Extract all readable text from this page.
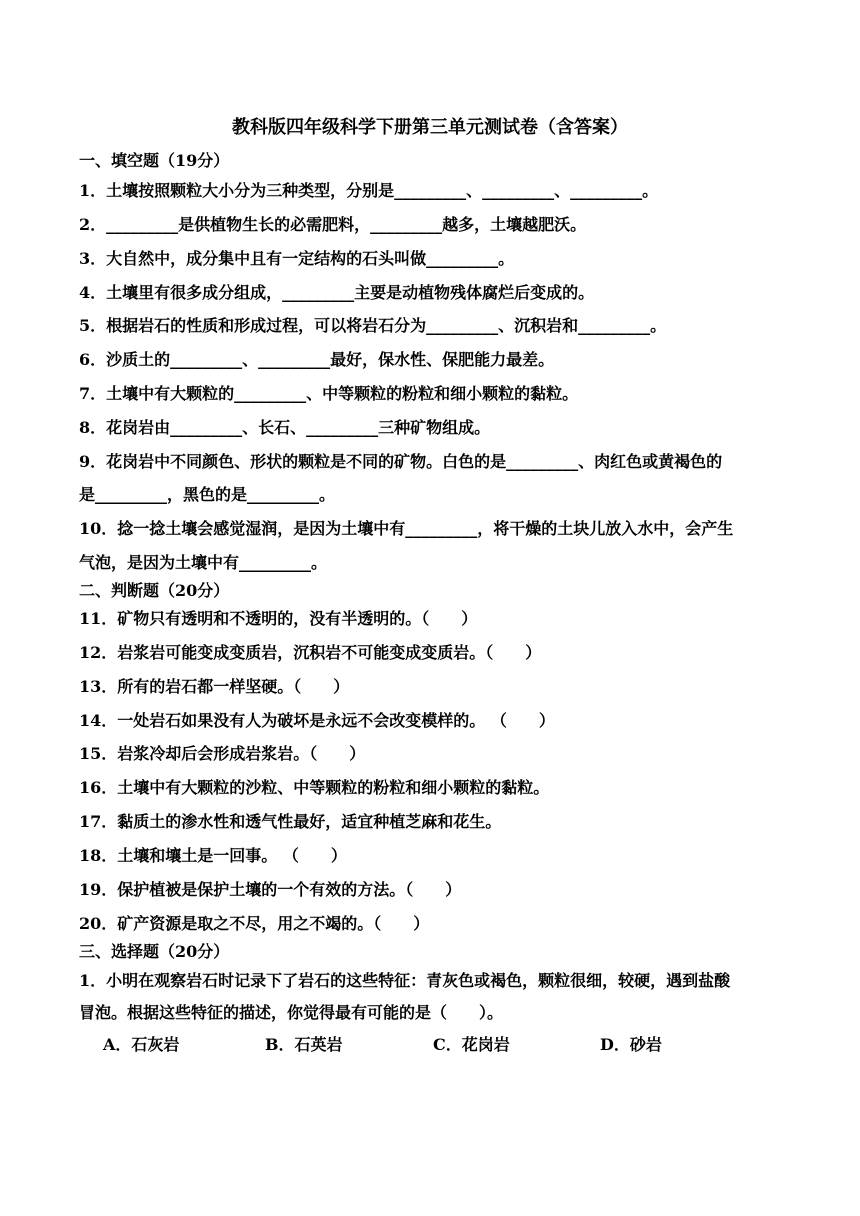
教科版四年级科学下册第三单元测试卷（含答案）
一、填空题（19分）
1．土壤按照颗粒大小分为三种类型，分别是_________、_________、_________。
2．_________是供植物生长的必需肥料，_________越多，土壤越肥沃。
3．大自然中，成分集中且有一定结构的石头叫做_________。
4．土壤里有很多成分组成，_________主要是动植物残体腐烂后变成的。
5．根据岩石的性质和形成过程，可以将岩石分为_________、沉积岩和_________。
6．沙质土的_________、_________最好，保水性、保肥能力最差。
7．土壤中有大颗粒的_________、中等颗粒的粉粒和细小颗粒的黏粒。
8．花岗岩由_________、长石、_________三种矿物组成。
9．花岗岩中不同颜色、形状的颗粒是不同的矿物。白色的是_________、肉红色或黄褐色的
是_________，黑色的是_________。
10．捻一捻土壤会感觉湿润，是因为土壤中有_________，将干燥的土块儿放入水中，会产生
气泡，是因为土壤中有_________。
二、判断题（20分）
11．矿物只有透明和不透明的，没有半透明的。（　　）
12．岩浆岩可能变成变质岩，沉积岩不可能变成变质岩。（　　）
13．所有的岩石都一样坚硬。（　　）
14．一处岩石如果没有人为破坏是永远不会改变模样的。 （　　）
15．岩浆冷却后会形成岩浆岩。（　　）
16．土壤中有大颗粒的沙粒、中等颗粒的粉粒和细小颗粒的黏粒。
17．黏质土的渗水性和透气性最好，适宜种植芝麻和花生。
18．土壤和壤土是一回事。 （　　）
19．保护植被是保护土壤的一个有效的方法。（　　）
20．矿产资源是取之不尽，用之不竭的。（　　）
三、选择题（20分）
1．小明在观察岩石时记录下了岩石的这些特征：青灰色或褐色，颗粒很细，较硬，遇到盐酸
冒泡。根据这些特征的描述，你觉得最有可能的是（　　）。
A．石灰岩	B．石英岩	C．花岗岩	D．砂岩
